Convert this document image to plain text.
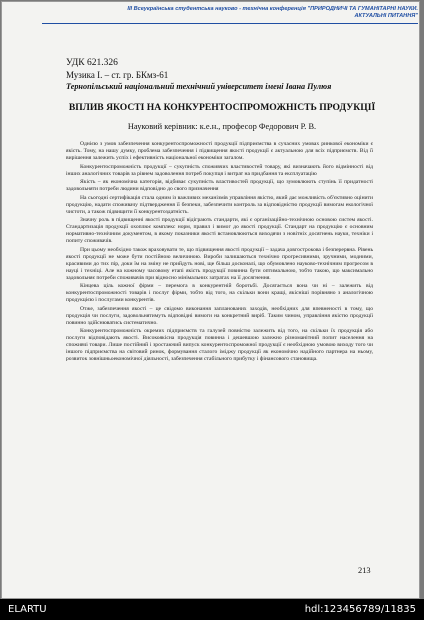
III Всеукраїнська студентська науково - технічна конференція "ПРИРОДНИЧІ ТА ГУМАНІТАРНІ НАУКИ.
АКТУАЛЬНІ ПИТАННЯ"
УДК 621.326
Музика І. – ст. гр. БКмз-61
Тернопільський національний технічний університет імені Івана Пулюя
ВПЛИВ ЯКОСТІ НА КОНКУРЕНТОСПРОМОЖНІСТЬ ПРОДУКЦІЇ
Науковий керівник: к.е.н., професор Федорович Р. В.

Однією з умов забезпечення конкурентоспроможності продукції підприємства в сучасних умовах ринкової економіки є якість. Тому, на нашу думку, проблема забезпечення і підвищення якості продукції є актуальною для всіх підприємств. Від її вирішення залежить успіх і ефективність національної економіки загалом.

Конкурентоспроможність продукції – сукупність споживчих властивостей товару, які визначають його відмінності від інших аналогічних товарів за рівнем задоволення потреб покупця і витрат на придбання та експлуатацію

Якість – як економічна категорія, відбиває сукупність властивостей продукції, що зумовлюють ступінь її придатності задовольняти потреби людини відповідно до свого призначення

На сьогодні сертифікація стала одним із важливих механізмів управління якістю, який дає можливість об'єктивно оцінити продукцію, надати споживачу підтвердження її безпеки, забезпечити контроль за відповідністю продукції вимогам екологічної чистоти, а також підвищити її конкурентоздатність.

Значну роль в підвищенні якості продукції відіграють стандарти, які є організаційно-технічною основою систем якості. Стандартизація продукції охоплює комплекс норм, правил і вимог до якості продукції. Стандарт на продукцію є основним нормативно-технічним документом, в якому показники якості встановлюються виходячи з новітніх досягнень науки, техніки і попиту споживачів.

При цьому необхідно також враховувати те, що підвищення якості продукції – задача довгострокова і безперервна. Рівень якості продукції не може бути постійною величиною. Вироби залишаються технічно прогресивними, зручними, модними, красивими до тих пір, доки їм на зміну не прийдуть нові, ще більш досконалі, що обумовлено науково-технічним прогресом в науці і техніці. Але на кожному часовому етапі якість продукції повинна бути оптимальною, тобто такою, що максимально задовольняє потреби споживачів при відносно мінімальних затратах на її досягнення.

Кінцева ціль кожної фірми – перемога в конкурентній боротьбі. Досягається вона чи ні – залежить від конкурентоспроможності товарів і послуг фірми, тобто від того, на скільки вони кращі, якісніші порівняно з аналогічною продукцією і послугами конкурентів.

Отже, забезпечення якості – це свідомо виконання запланованих заходів, необхідних для впевненості в тому, що продукція чи послуги, задовольнятимуть відповідні вимоги на конкретний виріб. Таким чином, управління якістю продукції повинно здійснюватись систематично.

Конкурентоспроможність окремих підприємств та галузей повністю залежить від того, на скільки їх продукція або послуги відповідають якості. Високоякісна продукція повинна і дешевшою залежно різноманітний попит населення на споживчі товари. Лише постійний і зростаючий випуск конкурентоспроможної продукції є необхідною умовою виходу того чи іншого підприємства на світовий ринок, формування сталого іміджу продукції як економічно надійного партнера на ньому, розвиток зовнішньоекономічної діяльності, забезпечення стабільного прибутку і фінансового становища.

213
ELARTU	hdl:123456789/11835
